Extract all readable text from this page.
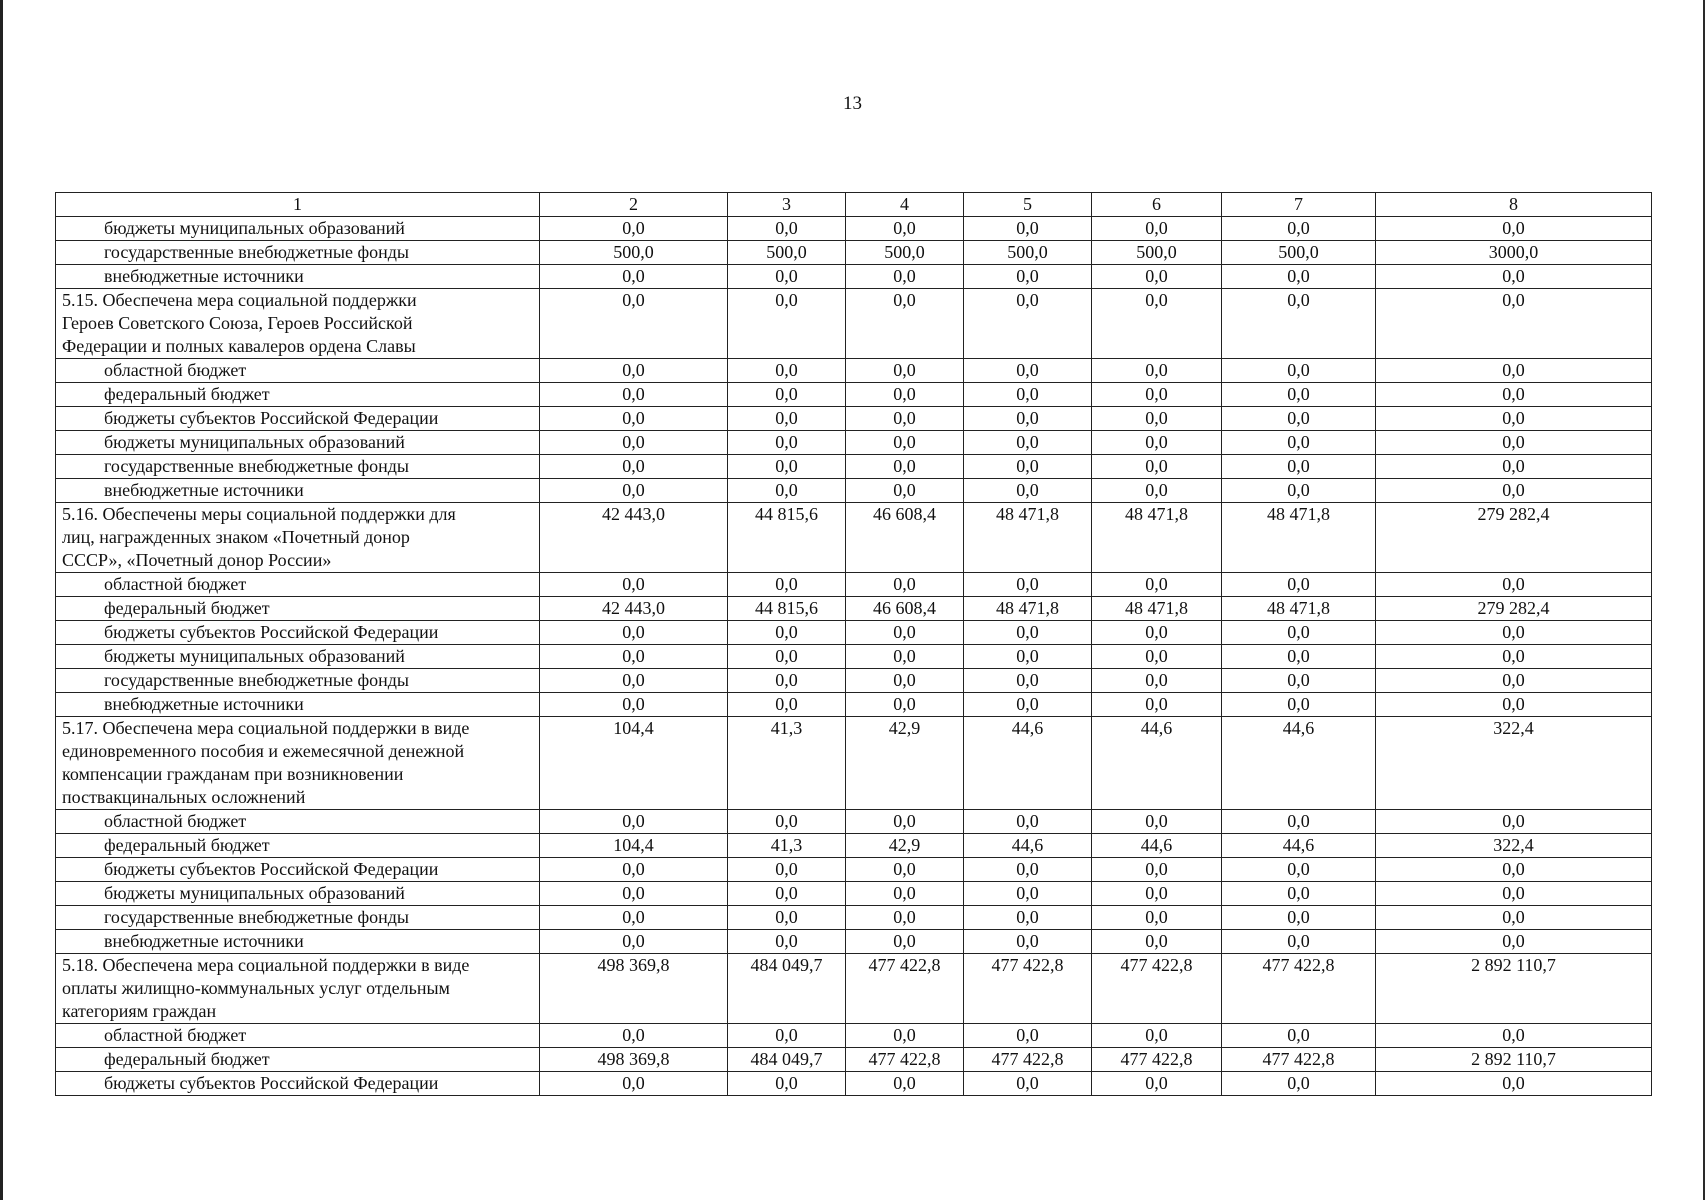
13
1	2	3	4	5	6	7	8

бюджеты муниципальных образований	0,0	0,0	0,0	0,0	0,0	0,0	0,0

государственные внебюджетные фонды	500,0	500,0	500,0	500,0	500,0	500,0	3000,0

внебюджетные источники	0,0	0,0	0,0	0,0	0,0	0,0	0,0

5.15. Обеспечена мера социальной поддержки
Героев Советского Союза, Героев Российской
Федерации и полных кавалеров ордена Славы	0,0	0,0	0,0	0,0	0,0	0,0	0,0

областной бюджет	0,0	0,0	0,0	0,0	0,0	0,0	0,0

федеральный бюджет	0,0	0,0	0,0	0,0	0,0	0,0	0,0

бюджеты субъектов Российской Федерации	0,0	0,0	0,0	0,0	0,0	0,0	0,0

бюджеты муниципальных образований	0,0	0,0	0,0	0,0	0,0	0,0	0,0

государственные внебюджетные фонды	0,0	0,0	0,0	0,0	0,0	0,0	0,0

внебюджетные источники	0,0	0,0	0,0	0,0	0,0	0,0	0,0

5.16. Обеспечены меры социальной поддержки для
лиц, награжденных знаком «Почетный донор
СССР», «Почетный донор России»	42 443,0	44 815,6	46 608,4	48 471,8	48 471,8	48 471,8	279 282,4

областной бюджет	0,0	0,0	0,0	0,0	0,0	0,0	0,0

федеральный бюджет	42 443,0	44 815,6	46 608,4	48 471,8	48 471,8	48 471,8	279 282,4

бюджеты субъектов Российской Федерации	0,0	0,0	0,0	0,0	0,0	0,0	0,0

бюджеты муниципальных образований	0,0	0,0	0,0	0,0	0,0	0,0	0,0

государственные внебюджетные фонды	0,0	0,0	0,0	0,0	0,0	0,0	0,0

внебюджетные источники	0,0	0,0	0,0	0,0	0,0	0,0	0,0

5.17. Обеспечена мера социальной поддержки в виде
единовременного пособия и ежемесячной денежной
компенсации гражданам при возникновении
поствакцинальных осложнений	104,4	41,3	42,9	44,6	44,6	44,6	322,4

областной бюджет	0,0	0,0	0,0	0,0	0,0	0,0	0,0

федеральный бюджет	104,4	41,3	42,9	44,6	44,6	44,6	322,4

бюджеты субъектов Российской Федерации	0,0	0,0	0,0	0,0	0,0	0,0	0,0

бюджеты муниципальных образований	0,0	0,0	0,0	0,0	0,0	0,0	0,0

государственные внебюджетные фонды	0,0	0,0	0,0	0,0	0,0	0,0	0,0

внебюджетные источники	0,0	0,0	0,0	0,0	0,0	0,0	0,0

5.18. Обеспечена мера социальной поддержки в виде
оплаты жилищно-коммунальных услуг отдельным
категориям граждан	498 369,8	484 049,7	477 422,8	477 422,8	477 422,8	477 422,8	2 892 110,7

областной бюджет	0,0	0,0	0,0	0,0	0,0	0,0	0,0

федеральный бюджет	498 369,8	484 049,7	477 422,8	477 422,8	477 422,8	477 422,8	2 892 110,7

бюджеты субъектов Российской Федерации	0,0	0,0	0,0	0,0	0,0	0,0	0,0
